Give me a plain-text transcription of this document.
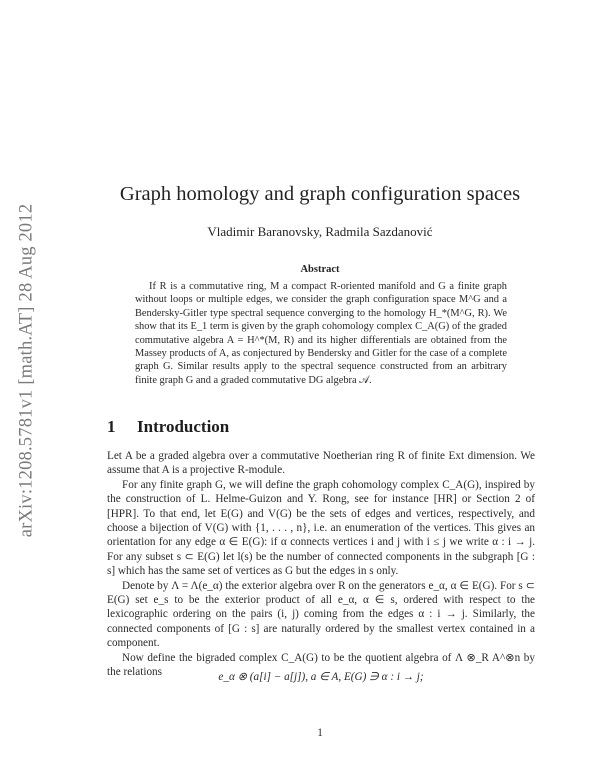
arXiv:1208.5781v1 [math.AT] 28 Aug 2012
Graph homology and graph configuration spaces
Vladimir Baranovsky, Radmila Sazdanović
Abstract

If R is a commutative ring, M a compact R-oriented manifold and G a finite graph without loops or multiple edges, we consider the graph configuration space M^G and a Bendersky-Gitler type spectral sequence converging to the homology H_*(M^G, R). We show that its E_1 term is given by the graph cohomology complex C_A(G) of the graded commutative algebra A = H^*(M, R) and its higher differentials are obtained from the Massey products of A, as conjectured by Bendersky and Gitler for the case of a complete graph G. Similar results apply to the spectral sequence constructed from an arbitrary finite graph G and a graded commutative DG algebra 𝒜.

1 Introduction

Let A be a graded algebra over a commutative Noetherian ring R of finite Ext dimension. We assume that A is a projective R-module.

For any finite graph G, we will define the graph cohomology complex C_A(G), inspired by the construction of L. Helme-Guizon and Y. Rong, see for instance [HR] or Section 2 of [HPR]. To that end, let E(G) and V(G) be the sets of edges and vertices, respectively, and choose a bijection of V(G) with {1, . . . , n}, i.e. an enumeration of the vertices. This gives an orientation for any edge α ∈ E(G): if α connects vertices i and j with i ≤ j we write α : i → j. For any subset s ⊂ E(G) let l(s) be the number of connected components in the subgraph [G : s] which has the same set of vertices as G but the edges in s only.

Denote by Λ = Λ(e_α) the exterior algebra over R on the generators e_α, α ∈ E(G). For s ⊂ E(G) set e_s to be the exterior product of all e_α, α ∈ s, ordered with respect to the lexicographic ordering on the pairs (i, j) coming from the edges α : i → j. Similarly, the connected components of [G : s] are naturally ordered by the smallest vertex contained in a component.

Now define the bigraded complex C_A(G) to be the quotient algebra of Λ ⊗_R A^⊗n by the relations	e_α ⊗ (a[i] − a[j]), a ∈ A, E(G) ∋ α : i → j;
1
